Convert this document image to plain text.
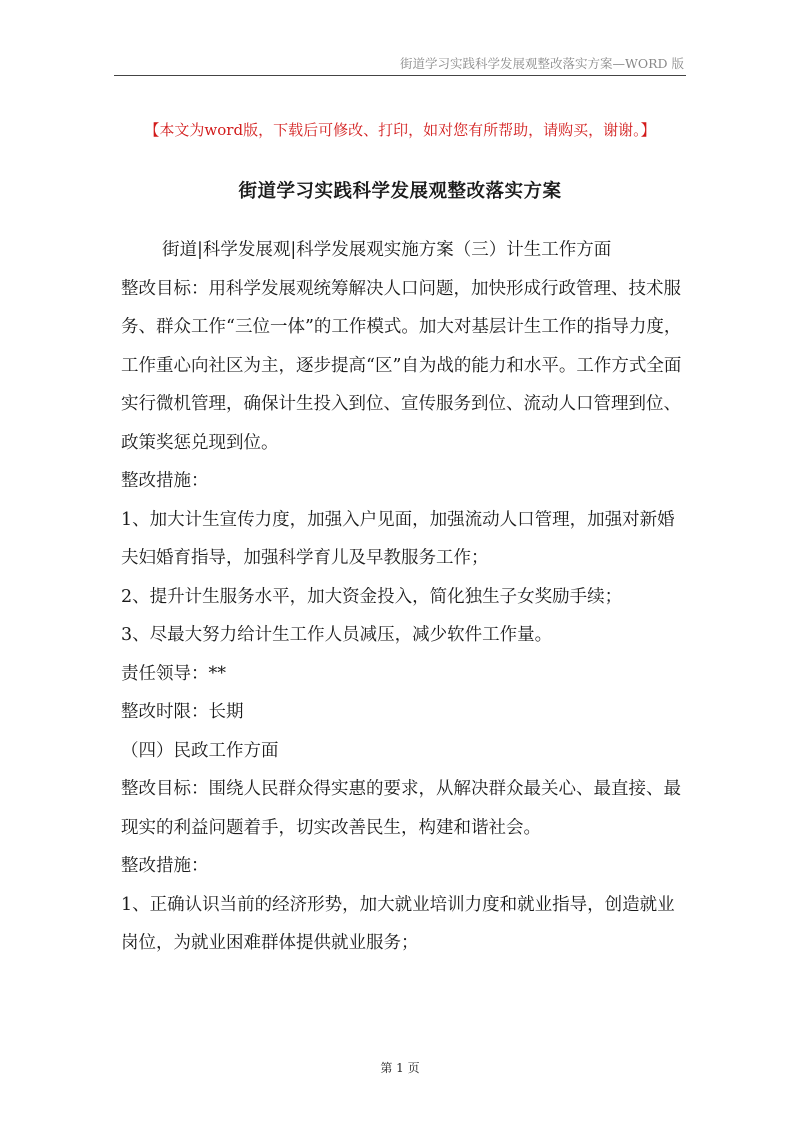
街道学习实践科学发展观整改落实方案—WORD 版
【本文为word版，下载后可修改、打印，如对您有所帮助，请购买，谢谢。】
街道学习实践科学发展观整改落实方案

街道|科学发展观|科学发展观实施方案（三）计生工作方面

整改目标：用科学发展观统筹解决人口问题，加快形成行政管理、技术服务、群众工作“三位一体”的工作模式。加大对基层计生工作的指导力度，工作重心向社区为主，逐步提高“区”自为战的能力和水平。工作方式全面实行微机管理，确保计生投入到位、宣传服务到位、流动人口管理到位、政策奖惩兑现到位。

整改措施：

1、加大计生宣传力度，加强入户见面，加强流动人口管理，加强对新婚夫妇婚育指导，加强科学育儿及早教服务工作；

2、提升计生服务水平，加大资金投入，简化独生子女奖励手续；

3、尽最大努力给计生工作人员减压，减少软件工作量。

责任领导：**

整改时限：长期

（四）民政工作方面

整改目标：围绕人民群众得实惠的要求，从解决群众最关心、最直接、最现实的利益问题着手，切实改善民生，构建和谐社会。

整改措施：

1、正确认识当前的经济形势，加大就业培训力度和就业指导，创造就业岗位，为就业困难群体提供就业服务；

第 1 页
